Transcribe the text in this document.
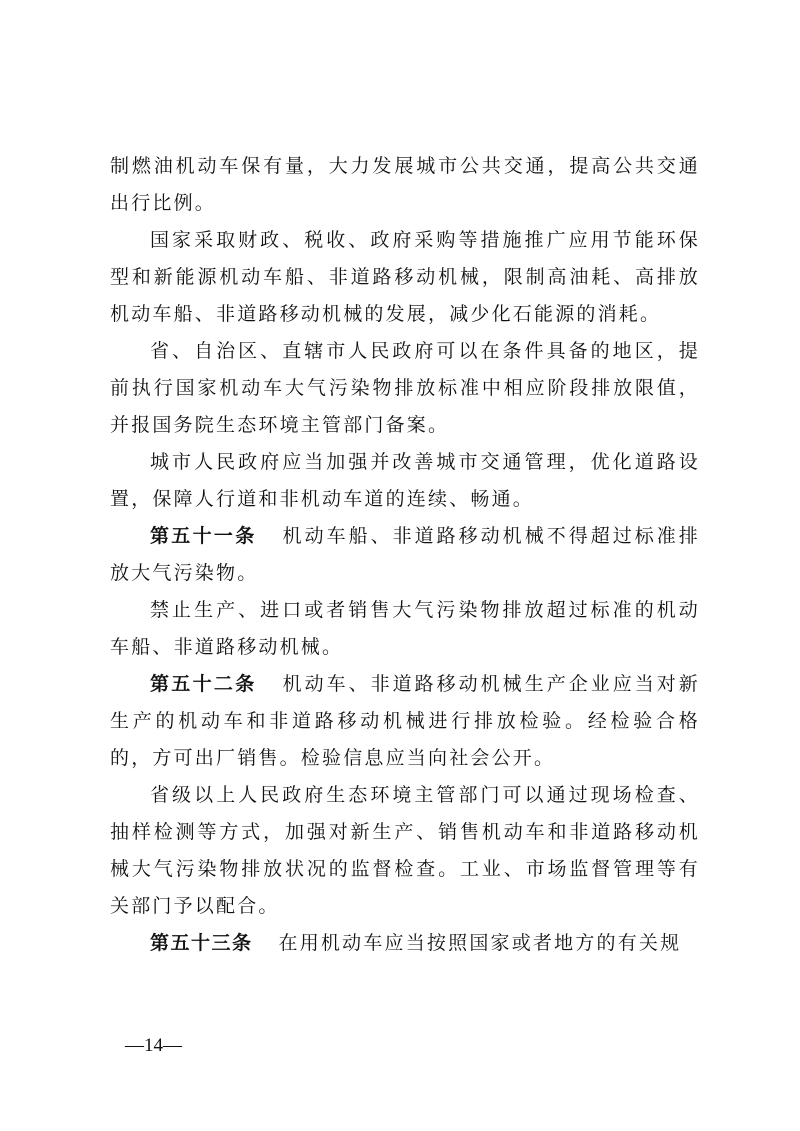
制燃油机动车保有量，大力发展城市公共交通，提高公共交通出行比例。

国家采取财政、税收、政府采购等措施推广应用节能环保型和新能源机动车船、非道路移动机械，限制高油耗、高排放机动车船、非道路移动机械的发展，减少化石能源的消耗。

省、自治区、直辖市人民政府可以在条件具备的地区，提前执行国家机动车大气污染物排放标准中相应阶段排放限值，并报国务院生态环境主管部门备案。

城市人民政府应当加强并改善城市交通管理，优化道路设置，保障人行道和非机动车道的连续、畅通。

第五十一条 机动车船、非道路移动机械不得超过标准排放大气污染物。

禁止生产、进口或者销售大气污染物排放超过标准的机动车船、非道路移动机械。

第五十二条 机动车、非道路移动机械生产企业应当对新生产的机动车和非道路移动机械进行排放检验。经检验合格的，方可出厂销售。检验信息应当向社会公开。

省级以上人民政府生态环境主管部门可以通过现场检查、抽样检测等方式，加强对新生产、销售机动车和非道路移动机械大气污染物排放状况的监督检查。工业、市场监督管理等有关部门予以配合。

第五十三条 在用机动车应当按照国家或者地方的有关规

—14—
